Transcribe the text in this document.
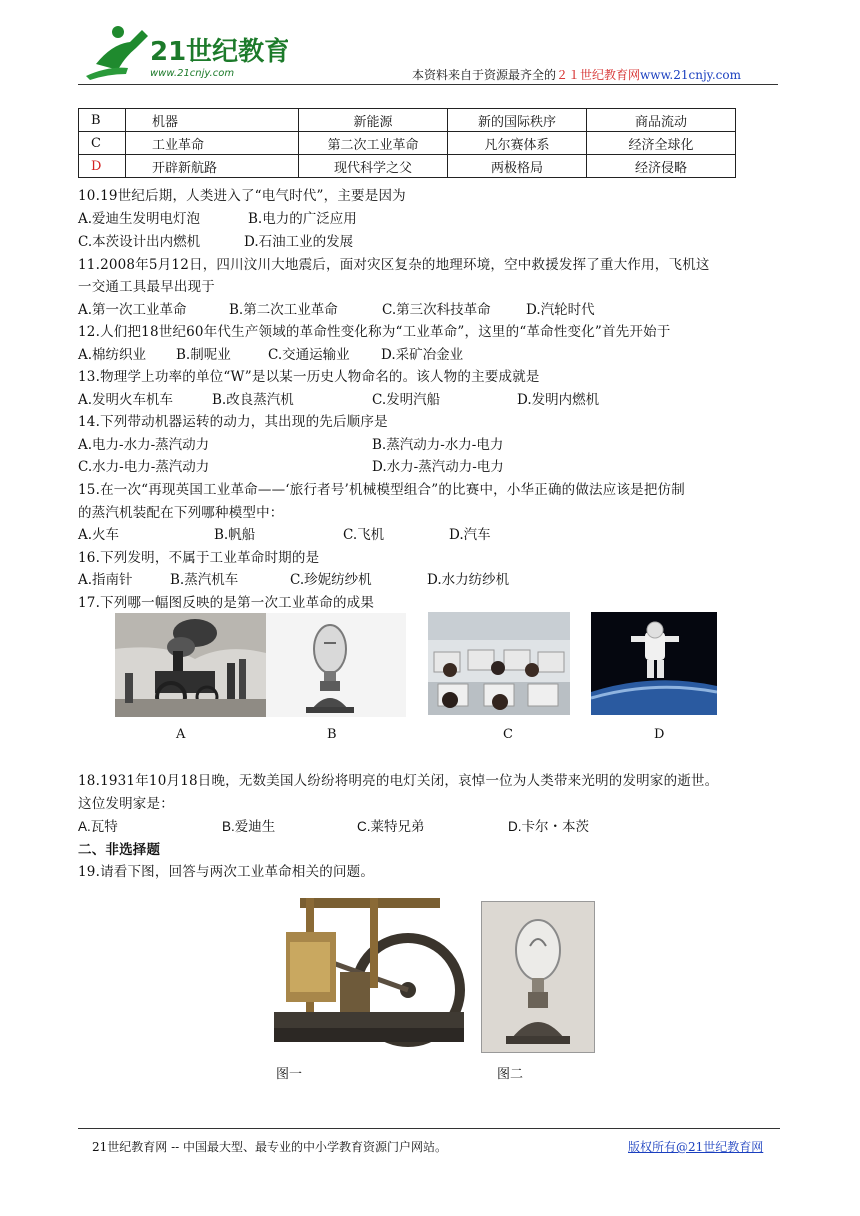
21世纪教育
www.21cnjy.com	本资料来自于资源最齐全的２１世纪教育网www.21cnjy.com
B	机器	新能源	新的国际秩序	商品流动
C	工业革命	第二次工业革命	凡尔赛体系	经济全球化
D	开辟新航路	现代科学之父	两极格局	经济侵略
10.19世纪后期，人类进入了“电气时代”，主要是因为
A.爱迪生发明电灯泡	B.电力的广泛应用
C.本茨设计出内燃机	D.石油工业的发展
11.2008年5月12日，四川汶川大地震后，面对灾区复杂的地理环境，空中救援发挥了重大作用，飞机这
一交通工具最早出现于
A.第一次工业革命	B.第二次工业革命	C.第三次科技革命	D.汽轮时代
12.人们把18世纪60年代生产领域的革命性变化称为“工业革命”，这里的“革命性变化”首先开始于
A.棉纺织业 B.制呢业	C.交通运输业 D.采矿冶金业
13.物理学上功率的单位“W”是以某一历史人物命名的。该人物的主要成就是
A.发明火车机车	B.改良蒸汽机	C.发明汽船	D.发明内燃机
14.下列带动机器运转的动力，其出现的先后顺序是
A.电力-水力-蒸汽动力	B.蒸汽动力-水力-电力
C.水力-电力-蒸汽动力	D.水力-蒸汽动力-电力
15.在一次“再现英国工业革命——‘旅行者号’机械模型组合”的比赛中，小华正确的做法应该是把仿制
的蒸汽机装配在下列哪种模型中：
A.火车	B.帆船	C.飞机	D.汽车
16.下列发明，不属于工业革命时期的是
A.指南针	B.蒸汽机车	C.珍妮纺纱机	D.水力纺纱机
17.下列哪一幅图反映的是第一次工业革命的成果
A	B	C	D
18.1931年10月18日晚，无数美国人纷纷将明亮的电灯关闭，哀悼一位为人类带来光明的发明家的逝世。
这位发明家是：
A.瓦特	B.爱迪生	C.莱特兄弟	D.卡尔・本茨
二、非选择题
19.请看下图，回答与两次工业革命相关的问题。
图一	图二
21世纪教育网 -- 中国最大型、最专业的中小学教育资源门户网站。	版权所有@21世纪教育网
